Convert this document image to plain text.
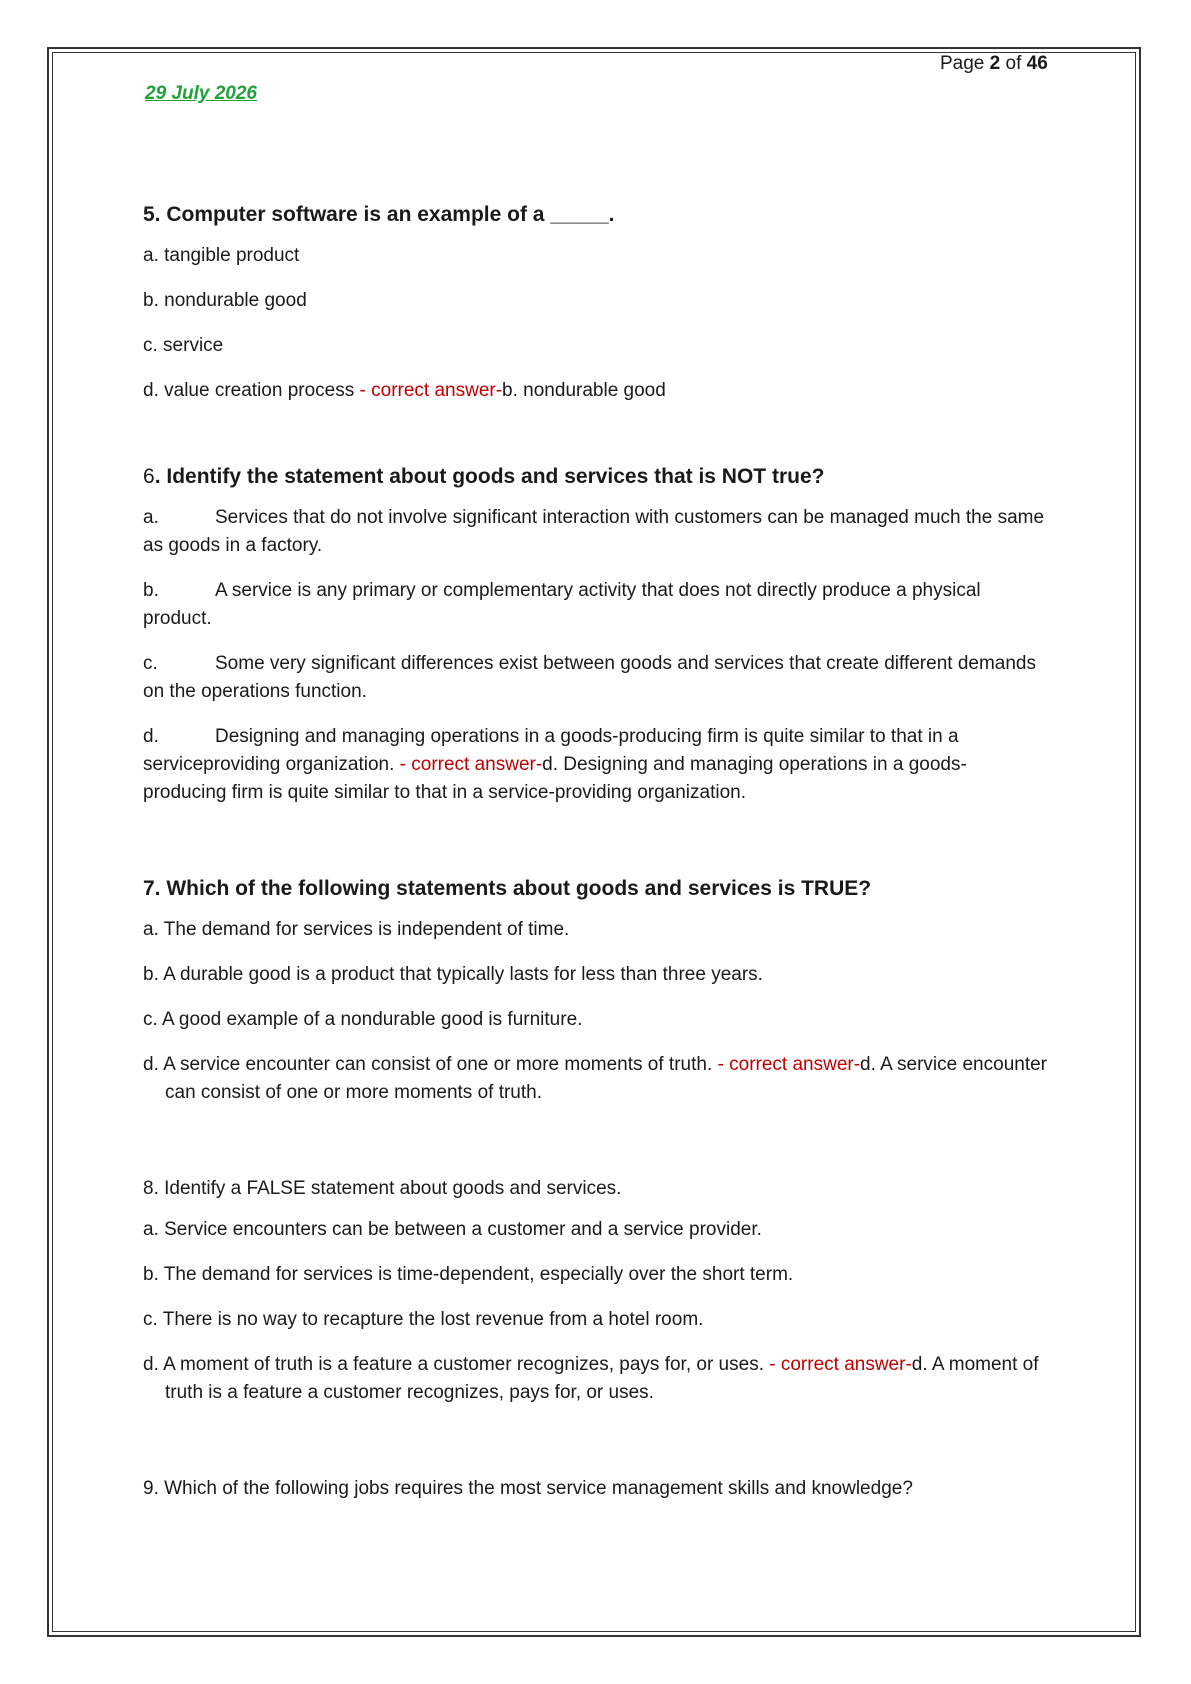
Page 2 of 46
29 July 2026
5. Computer software is an example of a _____.
a. tangible product
b. nondurable good
c. service
d. value creation process - correct answer-b. nondurable good
6. Identify the statement about goods and services that is NOT true?
a.	Services that do not involve significant interaction with customers can be managed much the same as goods in a factory.
b.	A service is any primary or complementary activity that does not directly produce a physical product.
c.	Some very significant differences exist between goods and services that create different demands on the operations function.
d.	Designing and managing operations in a goods-producing firm is quite similar to that in a serviceproviding organization. - correct answer-d. Designing and managing operations in a goods-producing firm is quite similar to that in a service-providing organization.
7. Which of the following statements about goods and services is TRUE?
a. The demand for services is independent of time.
b. A durable good is a product that typically lasts for less than three years.
c. A good example of a nondurable good is furniture.
d. A service encounter can consist of one or more moments of truth. - correct answer-d. A service encounter can consist of one or more moments of truth.
8. Identify a FALSE statement about goods and services.
a. Service encounters can be between a customer and a service provider.
b. The demand for services is time-dependent, especially over the short term.
c. There is no way to recapture the lost revenue from a hotel room.
d. A moment of truth is a feature a customer recognizes, pays for, or uses. - correct answer-d. A moment of truth is a feature a customer recognizes, pays for, or uses.
9. Which of the following jobs requires the most service management skills and knowledge?
